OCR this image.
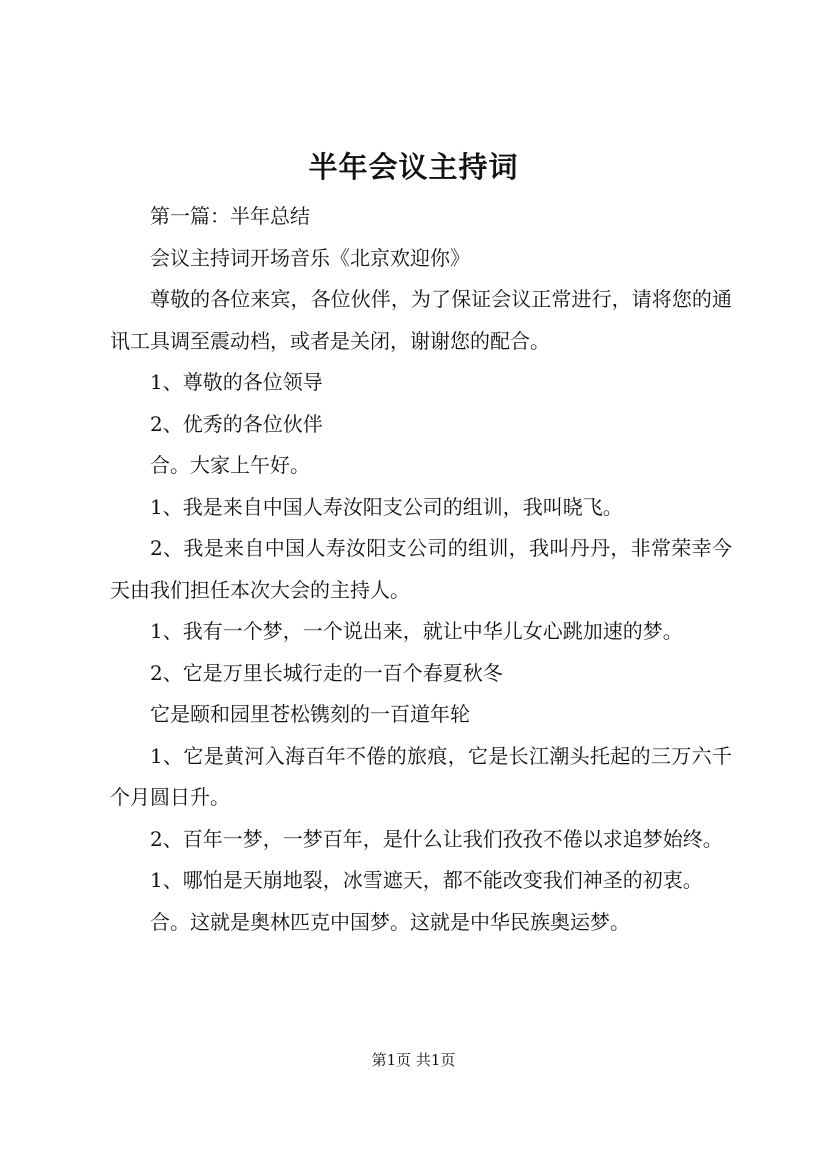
半年会议主持词

第一篇：半年总结

会议主持词开场音乐《北京欢迎你》

尊敬的各位来宾，各位伙伴，为了保证会议正常进行，请将您的通讯工具调至震动档，或者是关闭，谢谢您的配合。

1、尊敬的各位领导

2、优秀的各位伙伴

合。大家上午好。

1、我是来自中国人寿汝阳支公司的组训，我叫晓飞。

2、我是来自中国人寿汝阳支公司的组训，我叫丹丹，非常荣幸今天由我们担任本次大会的主持人。

1、我有一个梦，一个说出来，就让中华儿女心跳加速的梦。

2、它是万里长城行走的一百个春夏秋冬

它是颐和园里苍松镌刻的一百道年轮

1、它是黄河入海百年不倦的旅痕，它是长江潮头托起的三万六千个月圆日升。

2、百年一梦，一梦百年，是什么让我们孜孜不倦以求追梦始终。

1、哪怕是天崩地裂，冰雪遮天，都不能改变我们神圣的初衷。

合。这就是奥林匹克中国梦。这就是中华民族奥运梦。

第1页 共1页
